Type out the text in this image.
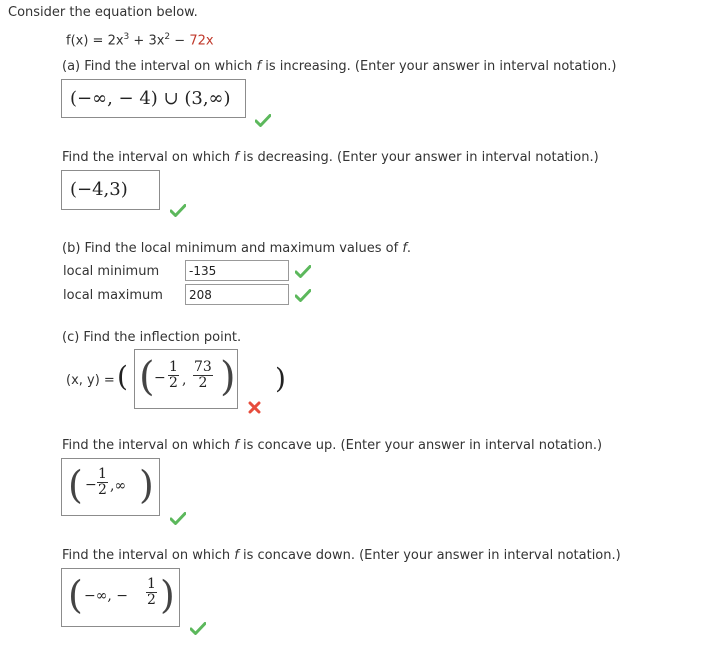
Consider the equation below.
$f(x) = 2x^3 + 3x^2 - 72x$
(a) Find the interval on which f is increasing. (Enter your answer in interval notation.)
(−∞, − 4) ∪ (3,∞)
Find the interval on which f is decreasing. (Enter your answer in interval notation.)
(−4,3)
(b) Find the local minimum and maximum values of f.
local minimum
-135
local maximum
208
(c) Find the inflection point.
(x, y) = ( ( − $\frac{1}{2}$ , $\frac{73}{2}$ ) )
Find the interval on which f is concave up. (Enter your answer in interval notation.)
( − $\frac{1}{2}$ ,∞ )
Find the interval on which f is concave down. (Enter your answer in interval notation.)
( −∞, − $\frac{1}{2}$ )
